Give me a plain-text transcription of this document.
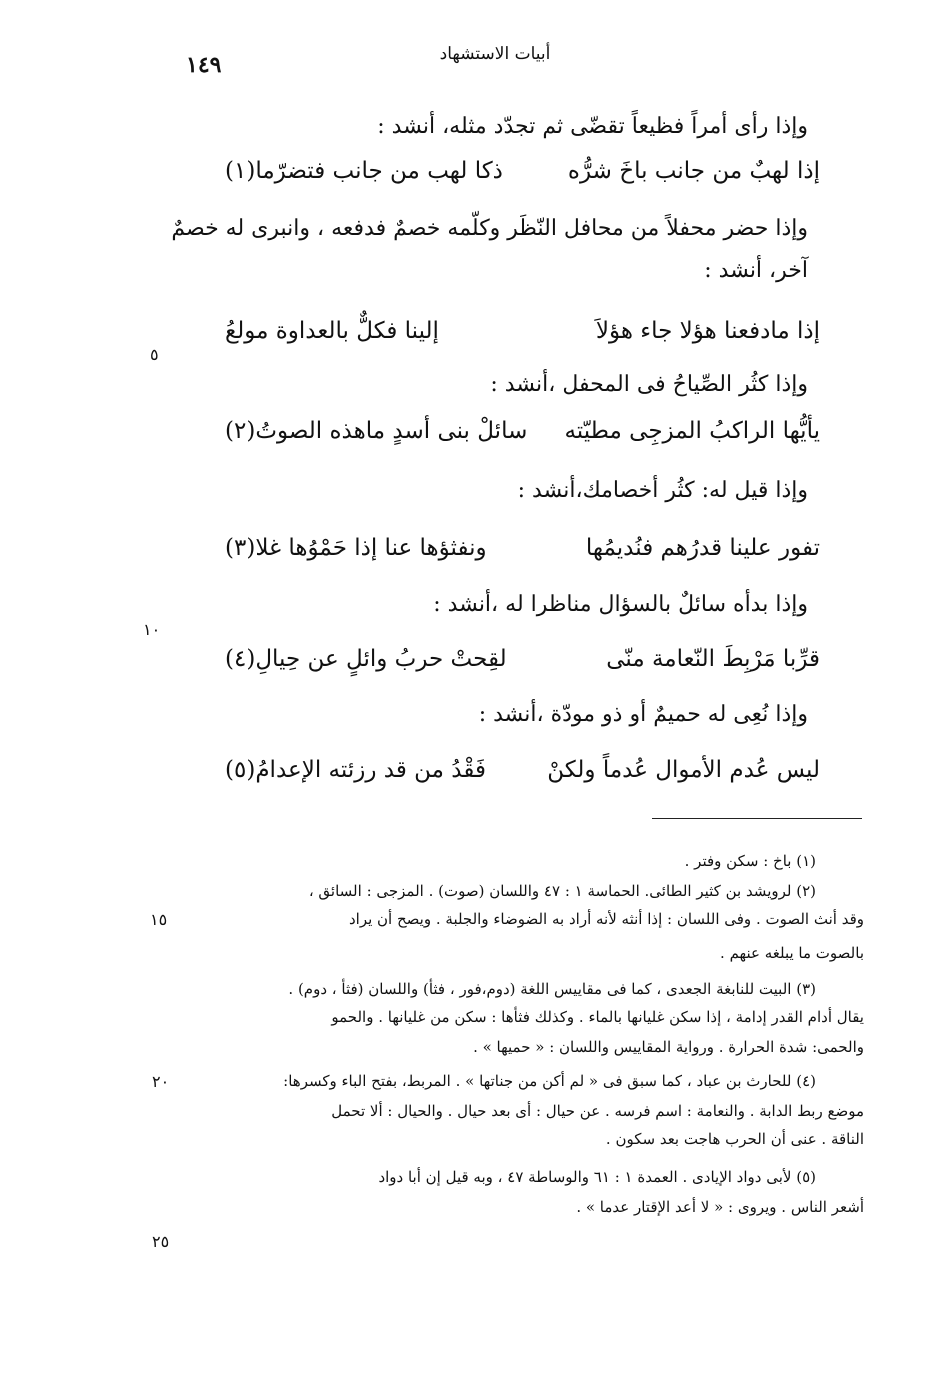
أبيات الاستشهاد
١٤٩
وإذا رأى أمراً فظيعاً تقضّى ثم تجدّد مثله، أنشد :
إذا لهبٌ من جانب باخَ شرُّه
ذكا لهب من جانب فتضرّما(١)
وإذا حضر محفلاً من محافل النّظَر وكلّمه خصمٌ فدفعه ، وانبرى له خصمٌ
آخر، أنشد :
إذا مادفعنا هؤلا جاء هؤلاَ
إلينا فكلٌّ بالعداوة مولعُ
وإذا كثُر الصِّياحُ فى المحفل ،أنشد :
يأيُّها الراكبُ المزجِى مطيّته
سائلْ بنى أسدٍ ماهذه الصوتُ(٢)
وإذا قيل له: كثُر أخصامك،أنشد :
تفور علينا قدرُهم فنُديمُها
ونفثؤها عنا إذا حَمْوُها غلا(٣)
وإذا بدأه سائلٌ بالسؤال مناظرا له ،أنشد :
قرِّبا مَرْبِطَ النّعامة منّى
لقِحتْ حربُ وائلٍ عن حِيالِ(٤)
وإذا نُعِى له حميمٌ أو ذو مودّة ،أنشد :
ليس عُدم الأموال عُدماً ولكنْ
فَقْدُ من قد رزئته الإعدامُ(٥)
٥
١٠
١٥
٢٠
٢٥
(١) باخ : سكن وفتر .
(٢) لرويشد بن كثير الطائى. الحماسة ١ : ٤٧ واللسان (صوت) . المزجى : السائق ،
وقد أنث الصوت . وفى اللسان : إذا أنثه لأنه أراد به الضوضاء والجلبة . ويصح أن يراد
بالصوت ما يبلغه عنهم .
(٣) البيت للنابغة الجعدى ، كما فى مقاييس اللغة (دوم،فور ، فثأ) واللسان (فثأ ، دوم) .
يقال أدام القدر إدامة ، إذا سكن غليانها بالماء . وكذلك فثأها : سكن من غليانها . والحمو
والحمى: شدة الحرارة . ورواية المقاييس واللسان : « حميها » .
(٤) للحارث بن عباد ، كما سبق فى « لم أكن من جناتها » . المربط، بفتح الباء وكسرها:
موضع ربط الدابة . والنعامة : اسم فرسه . عن حيال : أى بعد حيال . والحيال : ألا تحمل
الناقة . عنى أن الحرب هاجت بعد سكون .
(٥) لأبى دواد الإيادى . العمدة ١ : ٦١ والوساطة ٤٧ ، وبه قيل إن أبا دواد
أشعر الناس . ويروى : « لا أعد الإقتار عدما » .
